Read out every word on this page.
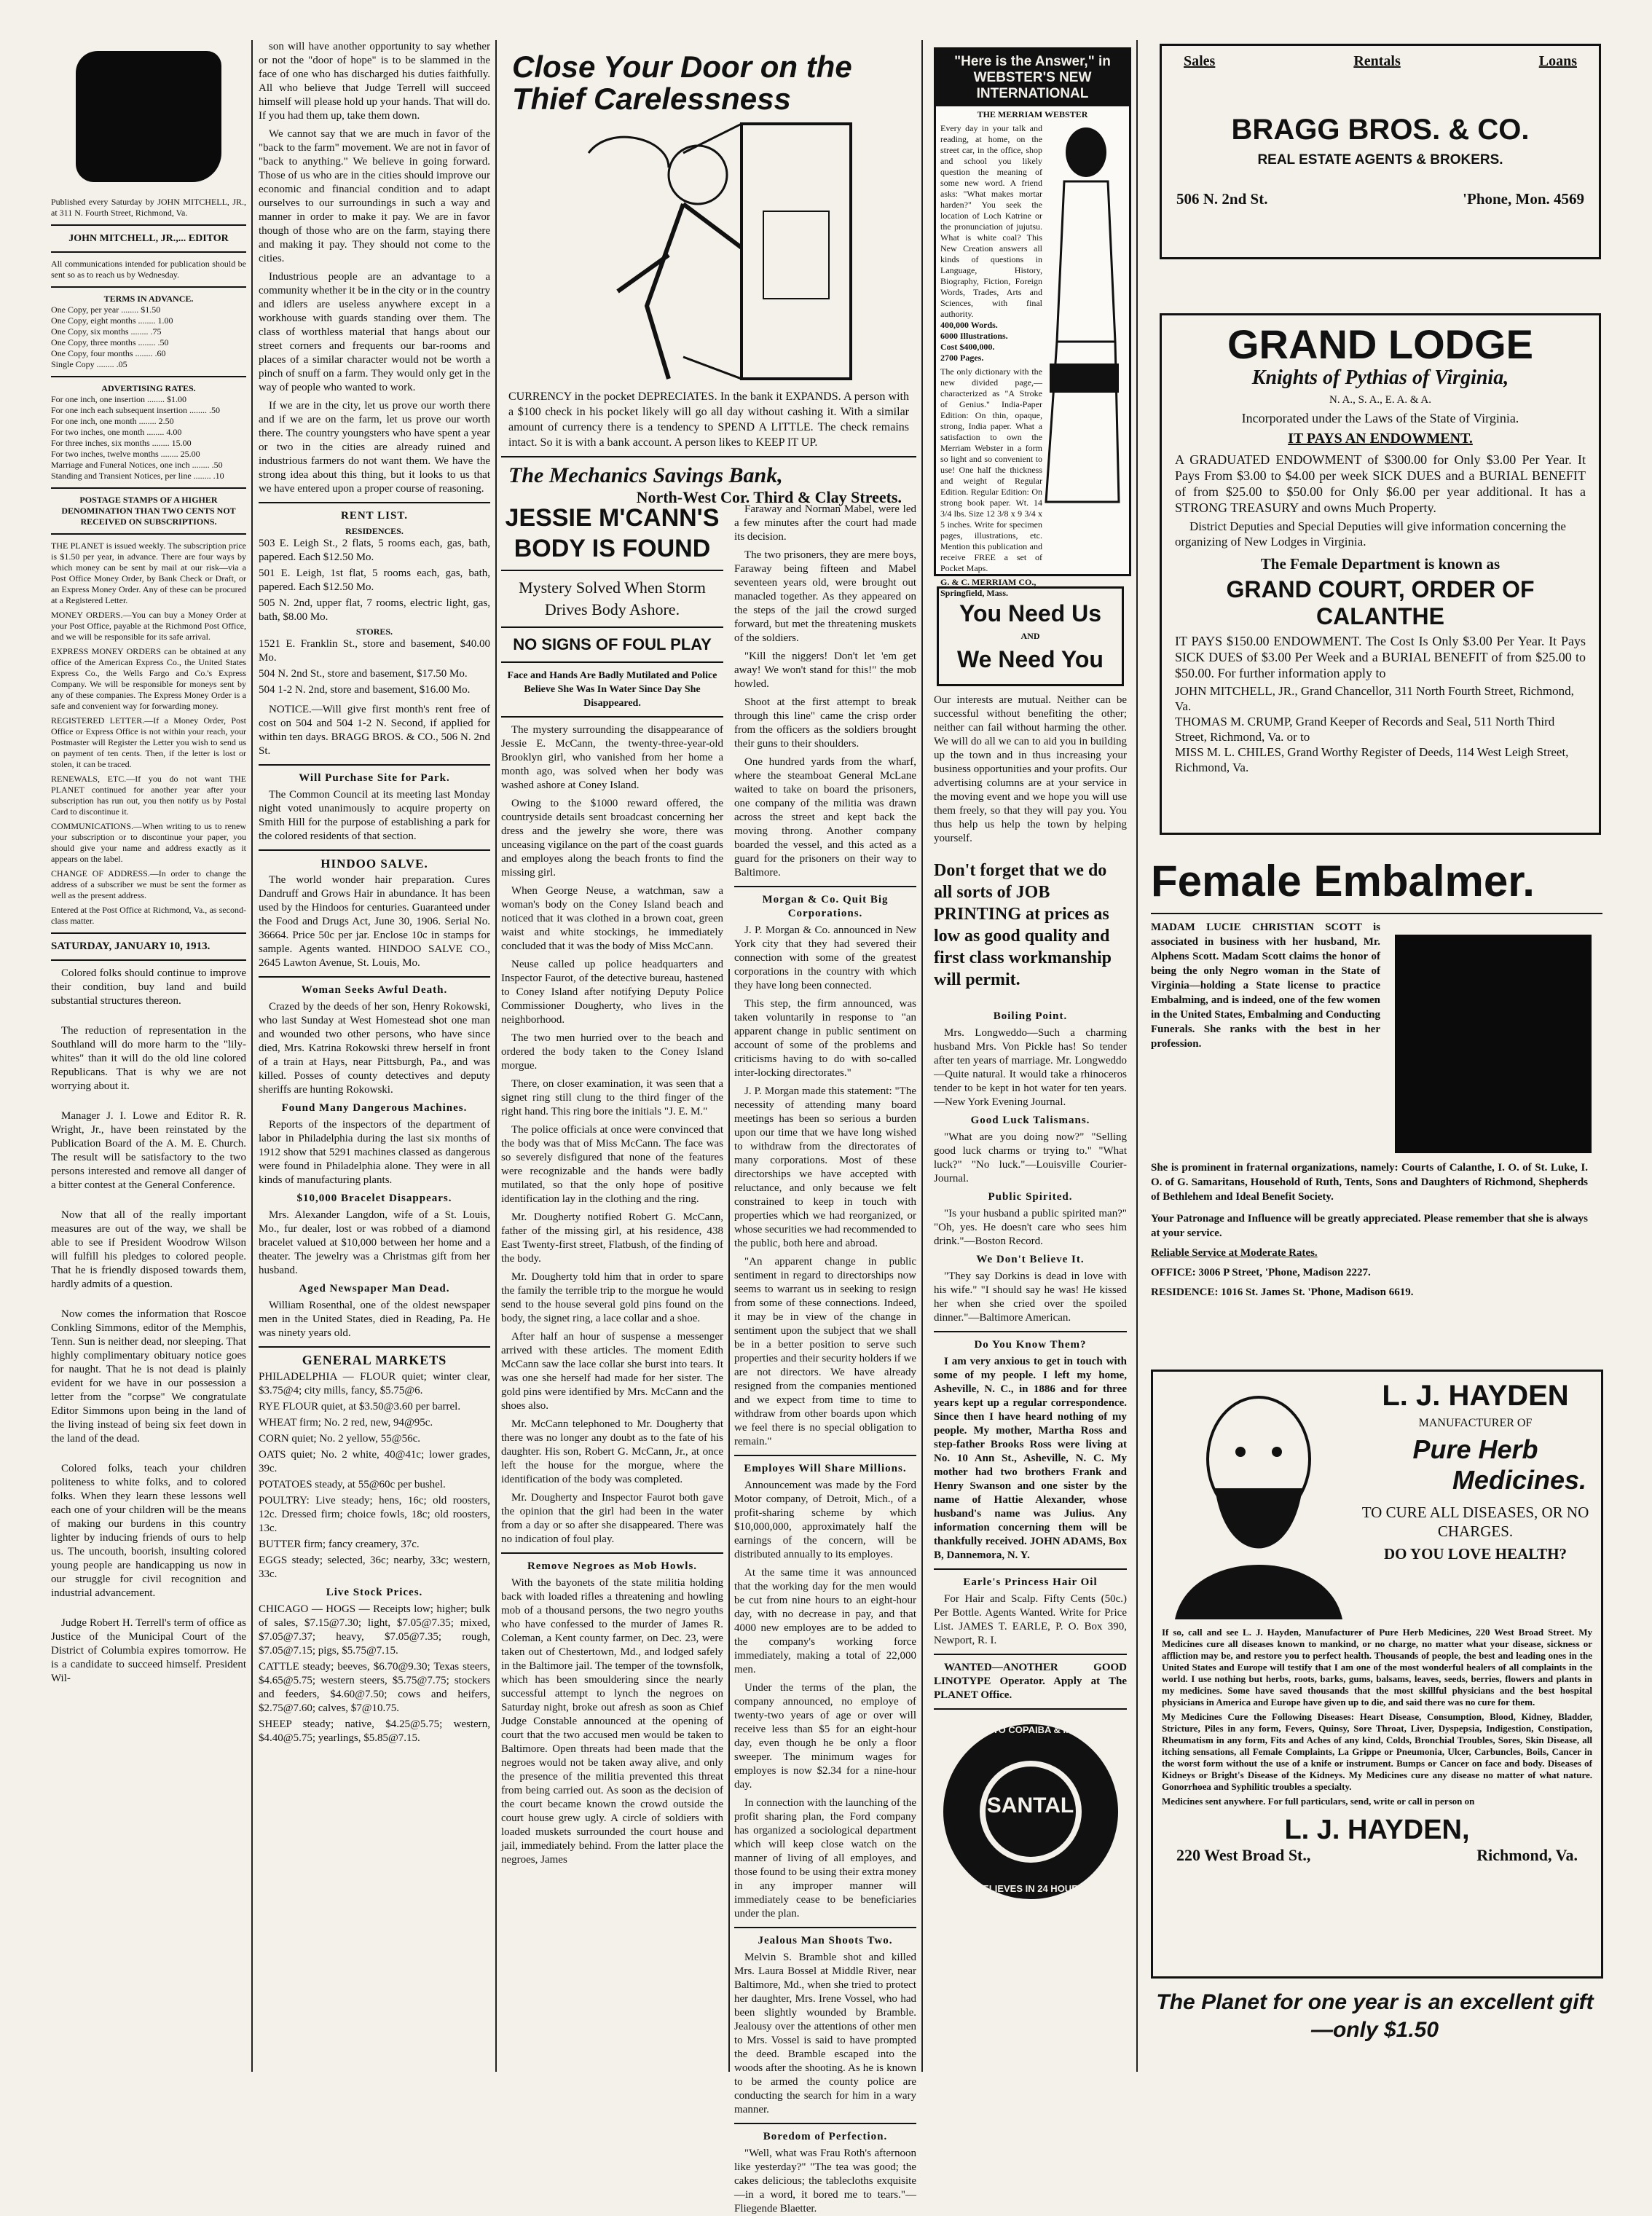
Published every Saturday by JOHN MITCHELL, JR., at 311 N. Fourth Street, Richmond, Va.

JOHN MITCHELL, JR.,... EDITOR

All communications intended for publication should be sent so as to reach us by Wednesday.

TERMS IN ADVANCE.

One Copy, per year ........ $1.50
One Copy, eight months ........ 1.00
One Copy, six months ........ .75
One Copy, three months ........ .50
One Copy, four months ........ .60
Single Copy ........ .05

ADVERTISING RATES.

For one inch, one insertion ........ $1.00
For one inch each subsequent insertion ........ .50
For one inch, one month ........ 2.50
For two inches, one month ........ 4.00
For three inches, six months ........ 15.00
For two inches, twelve months ........ 25.00
Marriage and Funeral Notices, one inch ........ .50
Standing and Transient Notices, per line ........ .10

POSTAGE STAMPS OF A HIGHER DENOMINATION THAN TWO CENTS NOT RECEIVED ON SUBSCRIPTIONS.

THE PLANET is issued weekly. The subscription price is $1.50 per year, in advance. There are four ways by which money can be sent by mail at our risk—via a Post Office Money Order, by Bank Check or Draft, or an Express Money Order. Any of these can be procured at a Registered Letter.

MONEY ORDERS.—You can buy a Money Order at your Post Office, payable at the Richmond Post Office, and we will be responsible for its safe arrival.

EXPRESS MONEY ORDERS can be obtained at any office of the American Express Co., the United States Express Co., the Wells Fargo and Co.'s Express Company. We will be responsible for moneys sent by any of these companies. The Express Money Order is a safe and convenient way for forwarding money.

REGISTERED LETTER.—If a Money Order, Post Office or Express Office is not within your reach, your Postmaster will Register the Letter you wish to send us on payment of ten cents. Then, if the letter is lost or stolen, it can be traced.

RENEWALS, ETC.—If you do not want THE PLANET continued for another year after your subscription has run out, you then notify us by Postal Card to discontinue it.

COMMUNICATIONS.—When writing to us to renew your subscription or to discontinue your paper, you should give your name and address exactly as it appears on the label.

CHANGE OF ADDRESS.—In order to change the address of a subscriber we must be sent the former as well as the present address.

Entered at the Post Office at Richmond, Va., as second-class matter.

SATURDAY, JANUARY 10, 1913.

Colored folks should continue to improve their condition, buy land and build substantial structures thereon.

The reduction of representation in the Southland will do more harm to the "lily-whites" than it will do the old line colored Republicans. That is why we are not worrying about it.

Manager J. I. Lowe and Editor R. R. Wright, Jr., have been reinstated by the Publication Board of the A. M. E. Church. The result will be satisfactory to the two persons interested and remove all danger of a bitter contest at the General Conference.

Now that all of the really important measures are out of the way, we shall be able to see if President Woodrow Wilson will fulfill his pledges to colored people. That he is friendly disposed towards them, hardly admits of a question.

Now comes the information that Roscoe Conkling Simmons, editor of the Memphis, Tenn. Sun is neither dead, nor sleeping. That highly complimentary obituary notice goes for naught. That he is not dead is plainly evident for we have in our possession a letter from the "corpse" We congratulate Editor Simmons upon being in the land of the living instead of being six feet down in the land of the dead.

Colored folks, teach your children politeness to white folks, and to colored folks. When they learn these lessons well each one of your children will be the means of making our burdens in this country lighter by inducing friends of ours to help us. The uncouth, boorish, insulting colored young people are handicapping us now in our struggle for civil recognition and industrial advancement.

Judge Robert H. Terrell's term of office as Justice of the Municipal Court of the District of Columbia expires tomorrow. He is a candidate to succeed himself. President Wil-

son will have another opportunity to say whether or not the "door of hope" is to be slammed in the face of one who has discharged his duties faithfully. All who believe that Judge Terrell will succeed himself will please hold up your hands. That will do. If you had them up, take them down.

We cannot say that we are much in favor of the "back to the farm" movement. We are not in favor of "back to anything." We believe in going forward. Those of us who are in the cities should improve our economic and financial condition and to adapt ourselves to our surroundings in such a way and manner in order to make it pay. We are in favor though of those who are on the farm, staying there and making it pay. They should not come to the cities.

Industrious people are an advantage to a community whether it be in the city or in the country and idlers are useless anywhere except in a workhouse with guards standing over them. The class of worthless material that hangs about our street corners and frequents our bar-rooms and places of a similar character would not be worth a pinch of snuff on a farm. They would only get in the way of people who wanted to work.

If we are in the city, let us prove our worth there and if we are on the farm, let us prove our worth there. The country youngsters who have spent a year or two in the cities are already ruined and industrious farmers do not want them. We have the strong idea about this thing, but it looks to us that we have entered upon a proper course of reasoning.

RENT LIST.

RESIDENCES.

503 E. Leigh St., 2 flats, 5 rooms each, gas, bath, papered. Each $12.50 Mo.

501 E. Leigh, 1st flat, 5 rooms each, gas, bath, papered. Each $12.50 Mo.

505 N. 2nd, upper flat, 7 rooms, electric light, gas, bath, $8.00 Mo.

STORES.

1521 E. Franklin St., store and basement, $40.00 Mo.

504 N. 2nd St., store and basement, $17.50 Mo.

504 1-2 N. 2nd, store and basement, $16.00 Mo.

NOTICE.—Will give first month's rent free of cost on 504 and 504 1-2 N. Second, if applied for within ten days. BRAGG BROS. & CO., 506 N. 2nd St.

Will Purchase Site for Park.

The Common Council at its meeting last Monday night voted unanimously to acquire property on Smith Hill for the purpose of establishing a park for the colored residents of that section.

HINDOO SALVE.

The world wonder hair preparation. Cures Dandruff and Grows Hair in abundance. It has been used by the Hindoos for centuries. Guaranteed under the Food and Drugs Act, June 30, 1906. Serial No. 36664. Price 50c per jar. Enclose 10c in stamps for sample. Agents wanted. HINDOO SALVE CO., 2645 Lawton Avenue, St. Louis, Mo.

Woman Seeks Awful Death.

Crazed by the deeds of her son, Henry Rokowski, who last Sunday at West Homestead shot one man and wounded two other persons, who have since died, Mrs. Katrina Rokowski threw herself in front of a train at Hays, near Pittsburgh, Pa., and was killed. Posses of county detectives and deputy sheriffs are hunting Rokowski.

Found Many Dangerous Machines.

Reports of the inspectors of the department of labor in Philadelphia during the last six months of 1912 show that 5291 machines classed as dangerous were found in Philadelphia alone. They were in all kinds of manufacturing plants.

$10,000 Bracelet Disappears.

Mrs. Alexander Langdon, wife of a St. Louis, Mo., fur dealer, lost or was robbed of a diamond bracelet valued at $10,000 between her home and a theater. The jewelry was a Christmas gift from her husband.

Aged Newspaper Man Dead.

William Rosenthal, one of the oldest newspaper men in the United States, died in Reading, Pa. He was ninety years old.

GENERAL MARKETS

PHILADELPHIA — FLOUR quiet; winter clear, $3.75@4; city mills, fancy, $5.75@6.

RYE FLOUR quiet, at $3.50@3.60 per barrel.

WHEAT firm; No. 2 red, new, 94@95c.

CORN quiet; No. 2 yellow, 55@56c.

OATS quiet; No. 2 white, 40@41c; lower grades, 39c.

POTATOES steady, at 55@60c per bushel.

POULTRY: Live steady; hens, 16c; old roosters, 12c. Dressed firm; choice fowls, 18c; old roosters, 13c.

BUTTER firm; fancy creamery, 37c.

EGGS steady; selected, 36c; nearby, 33c; western, 33c.

Live Stock Prices.

CHICAGO — HOGS — Receipts low; higher; bulk of sales, $7.15@7.30; light, $7.05@7.35; mixed, $7.05@7.37; heavy, $7.05@7.35; rough, $7.05@7.15; pigs, $5.75@7.15.

CATTLE steady; beeves, $6.70@9.30; Texas steers, $4.65@5.75; western steers, $5.75@7.75; stockers and feeders, $4.60@7.50; cows and heifers, $2.75@7.60; calves, $7@10.75.

SHEEP steady; native, $4.25@5.75; western, $4.40@5.75; yearlings, $5.85@7.15.

Close Your Door on the Thief Carelessness

CURRENCY in the pocket DEPRECIATES. In the bank it EXPANDS. A person with a $100 check in his pocket likely will go all day without cashing it. With a similar amount of currency there is a tendency to SPEND A LITTLE. The check remains intact. So it is with a bank account. A person likes to KEEP IT UP.

The Mechanics Savings Bank,

North-West Cor. Third & Clay Streets.

JESSIE M'CANN'S BODY IS FOUND

Mystery Solved When Storm Drives Body Ashore.

NO SIGNS OF FOUL PLAY

Face and Hands Are Badly Mutilated and Police Believe She Was In Water Since Day She Disappeared.

The mystery surrounding the disappearance of Jessie E. McCann, the twenty-three-year-old Brooklyn girl, who vanished from her home a month ago, was solved when her body was washed ashore at Coney Island.

Owing to the $1000 reward offered, the countryside details sent broadcast concerning her dress and the jewelry she wore, there was unceasing vigilance on the part of the coast guards and employes along the beach fronts to find the missing girl.

When George Neuse, a watchman, saw a woman's body on the Coney Island beach and noticed that it was clothed in a brown coat, green waist and white stockings, he immediately concluded that it was the body of Miss McCann.

Neuse called up police headquarters and Inspector Faurot, of the detective bureau, hastened to Coney Island after notifying Deputy Police Commissioner Dougherty, who lives in the neighborhood.

The two men hurried over to the beach and ordered the body taken to the Coney Island morgue.

There, on closer examination, it was seen that a signet ring still clung to the third finger of the right hand. This ring bore the initials "J. E. M."

The police officials at once were convinced that the body was that of Miss McCann. The face was so severely disfigured that none of the features were recognizable and the hands were badly mutilated, so that the only hope of positive identification lay in the clothing and the ring.

Mr. Dougherty notified Robert G. McCann, father of the missing girl, at his residence, 438 East Twenty-first street, Flatbush, of the finding of the body.

Mr. Dougherty told him that in order to spare the family the terrible trip to the morgue he would send to the house several gold pins found on the body, the signet ring, a lace collar and a shoe.

After half an hour of suspense a messenger arrived with these articles. The moment Edith McCann saw the lace collar she burst into tears. It was one she herself had made for her sister. The gold pins were identified by Mrs. McCann and the shoes also.

Mr. McCann telephoned to Mr. Dougherty that there was no longer any doubt as to the fate of his daughter. His son, Robert G. McCann, Jr., at once left the house for the morgue, where the identification of the body was completed.

Mr. Dougherty and Inspector Faurot both gave the opinion that the girl had been in the water from a day or so after she disappeared. There was no indication of foul play.

Remove Negroes as Mob Howls.

With the bayonets of the state militia holding back with loaded rifles a threatening and howling mob of a thousand persons, the two negro youths who have confessed to the murder of James R. Coleman, a Kent county farmer, on Dec. 23, were taken out of Chestertown, Md., and lodged safely in the Baltimore jail. The temper of the townsfolk, which has been smouldering since the nearly successful attempt to lynch the negroes on Saturday night, broke out afresh as soon as Chief Judge Constable announced at the opening of court that the two accused men would be taken to Baltimore. Open threats had been made that the negroes would not be taken away alive, and only the presence of the militia prevented this threat from being carried out. As soon as the decision of the court became known the crowd outside the court house grew ugly. A circle of soldiers with loaded muskets surrounded the court house and jail, immediately behind. From the latter place the negroes, James

Faraway and Norman Mabel, were led a few minutes after the court had made its decision.

The two prisoners, they are mere boys, Faraway being fifteen and Mabel seventeen years old, were brought out manacled together. As they appeared on the steps of the jail the crowd surged forward, but met the threatening muskets of the soldiers.

"Kill the niggers! Don't let 'em get away! We won't stand for this!" the mob howled.

Shoot at the first attempt to break through this line" came the crisp order from the officers as the soldiers brought their guns to their shoulders.

One hundred yards from the wharf, where the steamboat General McLane waited to take on board the prisoners, one company of the militia was drawn across the street and kept back the moving throng. Another company boarded the vessel, and this acted as a guard for the prisoners on their way to Baltimore.

Morgan & Co. Quit Big Corporations.

J. P. Morgan & Co. announced in New York city that they had severed their connection with some of the greatest corporations in the country with which they have long been connected.

This step, the firm announced, was taken voluntarily in response to "an apparent change in public sentiment on account of some of the problems and criticisms having to do with so-called inter-locking directorates."

J. P. Morgan made this statement: "The necessity of attending many board meetings has been so serious a burden upon our time that we have long wished to withdraw from the directorates of many corporations. Most of these directorships we have accepted with reluctance, and only because we felt constrained to keep in touch with properties which we had reorganized, or whose securities we had recommended to the public, both here and abroad.

"An apparent change in public sentiment in regard to directorships now seems to warrant us in seeking to resign from some of these connections. Indeed, it may be in view of the change in sentiment upon the subject that we shall be in a better position to serve such properties and their security holders if we are not directors. We have already resigned from the companies mentioned and we expect from time to time to withdraw from other boards upon which we feel there is no special obligation to remain."

Employes Will Share Millions.

Announcement was made by the Ford Motor company, of Detroit, Mich., of a profit-sharing scheme by which $10,000,000, approximately half the earnings of the concern, will be distributed annually to its employes.

At the same time it was announced that the working day for the men would be cut from nine hours to an eight-hour day, with no decrease in pay, and that 4000 new employes are to be added to the company's working force immediately, making a total of 22,000 men.

Under the terms of the plan, the company announced, no employe of twenty-two years of age or over will receive less than $5 for an eight-hour day, even though he be only a floor sweeper. The minimum wages for employes is now $2.34 for a nine-hour day.

In connection with the launching of the profit sharing plan, the Ford company has organized a sociological department which will keep close watch on the manner of living of all employes, and those found to be using their extra money in any improper manner will immediately cease to be beneficiaries under the plan.

Jealous Man Shoots Two.

Melvin S. Bramble shot and killed Mrs. Laura Bossel at Middle River, near Baltimore, Md., when she tried to protect her daughter, Mrs. Irene Vossel, who had been slightly wounded by Bramble. Jealousy over the attentions of other men to Mrs. Vossel is said to have prompted the deed. Bramble escaped into the woods after the shooting. As he is known to be armed the county police are conducting the search for him in a wary manner.

Boredom of Perfection.

"Well, what was Frau Roth's afternoon like yesterday?" "The tea was good; the cakes delicious; the tablecloths exquisite—in a word, it bored me to tears."—Fliegende Blaetter.

"Here is the Answer," in WEBSTER'S NEW INTERNATIONAL

THE MERRIAM WEBSTER

Every day in your talk and reading, at home, on the street car, in the office, shop and school you likely question the meaning of some new word. A friend asks: "What makes mortar harden?" You seek the location of Loch Katrine or the pronunciation of jujutsu. What is white coal? This New Creation answers all kinds of questions in Language, History, Biography, Fiction, Foreign Words, Trades, Arts and Sciences, with final authority.

400,000 Words.

6000 Illustrations.

Cost $400,000.

2700 Pages.

The only dictionary with the new divided page,—characterized as "A Stroke of Genius." India-Paper Edition: On thin, opaque, strong, India paper. What a satisfaction to own the Merriam Webster in a form so light and so convenient to use! One half the thickness and weight of Regular Edition. Regular Edition: On strong book paper. Wt. 14 3/4 lbs. Size 12 3/8 x 9 3/4 x 5 inches. Write for specimen pages, illustrations, etc. Mention this publication and receive FREE a set of Pocket Maps.

G. & C. MERRIAM CO., Springfield, Mass.

You Need Us

AND

We Need You

Our interests are mutual. Neither can be successful without benefiting the other; neither can fail without harming the other. We will do all we can to aid you in building up the town and in thus increasing your business opportunities and your profits. Our advertising columns are at your service in the moving event and we hope you will use them freely, so that they will pay you. You thus help us help the town by helping yourself.

Don't forget that we do all sorts of JOB PRINTING at prices as low as good quality and first class workmanship will permit.

Boiling Point.

Mrs. Longweddo—Such a charming husband Mrs. Von Pickle has! So tender after ten years of marriage. Mr. Longweddo—Quite natural. It would take a rhinoceros tender to be kept in hot water for ten years.—New York Evening Journal.

Good Luck Talismans.

"What are you doing now?" "Selling good luck charms or trying to." "What luck?" "No luck."—Louisville Courier-Journal.

Public Spirited.

"Is your husband a public spirited man?" "Oh, yes. He doesn't care who sees him drink."—Boston Record.

We Don't Believe It.

"They say Dorkins is dead in love with his wife." "I should say he was! He kissed her when she cried over the spoiled dinner."—Baltimore American.

Do You Know Them?

I am very anxious to get in touch with some of my people. I left my home, Asheville, N. C., in 1886 and for three years kept up a regular correspondence. Since then I have heard nothing of my people. My mother, Martha Ross and step-father Brooks Ross were living at No. 10 Ann St., Asheville, N. C. My mother had two brothers Frank and Henry Swanson and one sister by the name of Hattie Alexander, whose husband's name was Julius. Any information concerning them will be thankfully received. JOHN ADAMS, Box B, Dannemora, N. Y.

Earle's Princess Hair Oil

For Hair and Scalp. Fifty Cents (50c.) Per Bottle. Agents Wanted. Write for Price List. JAMES T. EARLE, P. O. Box 390, Newport, R. I.

WANTED—ANOTHER GOOD LINOTYPE Operator. Apply at The PLANET Office.

SUPERIOR TO COPAIBA & INJECTIONS

SANTAL

RELIEVES IN 24 HOURS

Sales	Rentals	Loans

BRAGG BROS. & CO.

REAL ESTATE AGENTS & BROKERS.

506 N. 2nd St.	'Phone, Mon. 4569

GRAND LODGE

Knights of Pythias of Virginia,

N. A., S. A., E. A. & A.

Incorporated under the Laws of the State of Virginia.

IT PAYS AN ENDOWMENT.

A GRADUATED ENDOWMENT of $300.00 for Only $3.00 Per Year. It Pays From $3.00 to $4.00 per week SICK DUES and a BURIAL BENEFIT of from $25.00 to $50.00 for Only $6.00 per year additional. It has a STRONG TREASURY and owns Much Property.

District Deputies and Special Deputies will give information concerning the organizing of New Lodges in Virginia.

The Female Department is known as

GRAND COURT, ORDER OF CALANTHE

IT PAYS $150.00 ENDOWMENT. The Cost Is Only $3.00 Per Year. It Pays SICK DUES of $3.00 Per Week and a BURIAL BENEFIT of from $25.00 to $50.00. For further information apply to

JOHN MITCHELL, JR., Grand Chancellor, 311 North Fourth Street, Richmond, Va.

THOMAS M. CRUMP, Grand Keeper of Records and Seal, 511 North Third Street, Richmond, Va. or to

MISS M. L. CHILES, Grand Worthy Register of Deeds, 114 West Leigh Street, Richmond, Va.

Female Embalmer.

MADAM LUCIE CHRISTIAN SCOTT is associated in business with her husband, Mr. Alphens Scott. Madam Scott claims the honor of being the only Negro woman in the State of Virginia—holding a State license to practice Embalming, and is indeed, one of the few women in the United States, Embalming and Conducting Funerals. She ranks with the best in her profession.

She is prominent in fraternal organizations, namely: Courts of Calanthe, I. O. of St. Luke, I. O. of G. Samaritans, Household of Ruth, Tents, Sons and Daughters of Richmond, Shepherds of Bethlehem and Ideal Benefit Society.

Your Patronage and Influence will be greatly appreciated. Please remember that she is always at your service.

Reliable Service at Moderate Rates.

OFFICE: 3006 P Street, 'Phone, Madison 2227.

RESIDENCE: 1016 St. James St. 'Phone, Madison 6619.

L. J. HAYDEN

MANUFACTURER OF

Pure Herb

Medicines.

TO CURE ALL DISEASES, OR NO CHARGES.

DO YOU LOVE HEALTH?

If so, call and see L. J. Hayden, Manufacturer of Pure Herb Medicines, 220 West Broad Street. My Medicines cure all diseases known to mankind, or no charge, no matter what your disease, sickness or affliction may be, and restore you to perfect health. Thousands of people, the best and leading ones in the United States and Europe will testify that I am one of the most wonderful healers of all complaints in the world. I use nothing but herbs, roots, barks, gums, balsams, leaves, seeds, berries, flowers and plants in my medicines. Some have saved thousands that the most skillful physicians and the best hospital physicians in America and Europe have given up to die, and said there was no cure for them.

My Medicines Cure the Following Diseases: Heart Disease, Consumption, Blood, Kidney, Bladder, Stricture, Piles in any form, Fevers, Quinsy, Sore Throat, Liver, Dyspepsia, Indigestion, Constipation, Rheumatism in any form, Fits and Aches of any kind, Colds, Bronchial Troubles, Sores, Skin Disease, all itching sensations, all Female Complaints, La Grippe or Pneumonia, Ulcer, Carbuncles, Boils, Cancer in the worst form without the use of a knife or instrument. Bumps or Cancer on face and body. Diseases of Kidneys or Bright's Disease of the Kidneys. My Medicines cure any disease no matter of what nature. Gonorrhoea and Syphilitic troubles a specialty.

Medicines sent anywhere. For full particulars, send, write or call in person on

L. J. HAYDEN,

220 West Broad St.,	Richmond, Va.

The Planet for one year is an excellent gift—only $1.50
